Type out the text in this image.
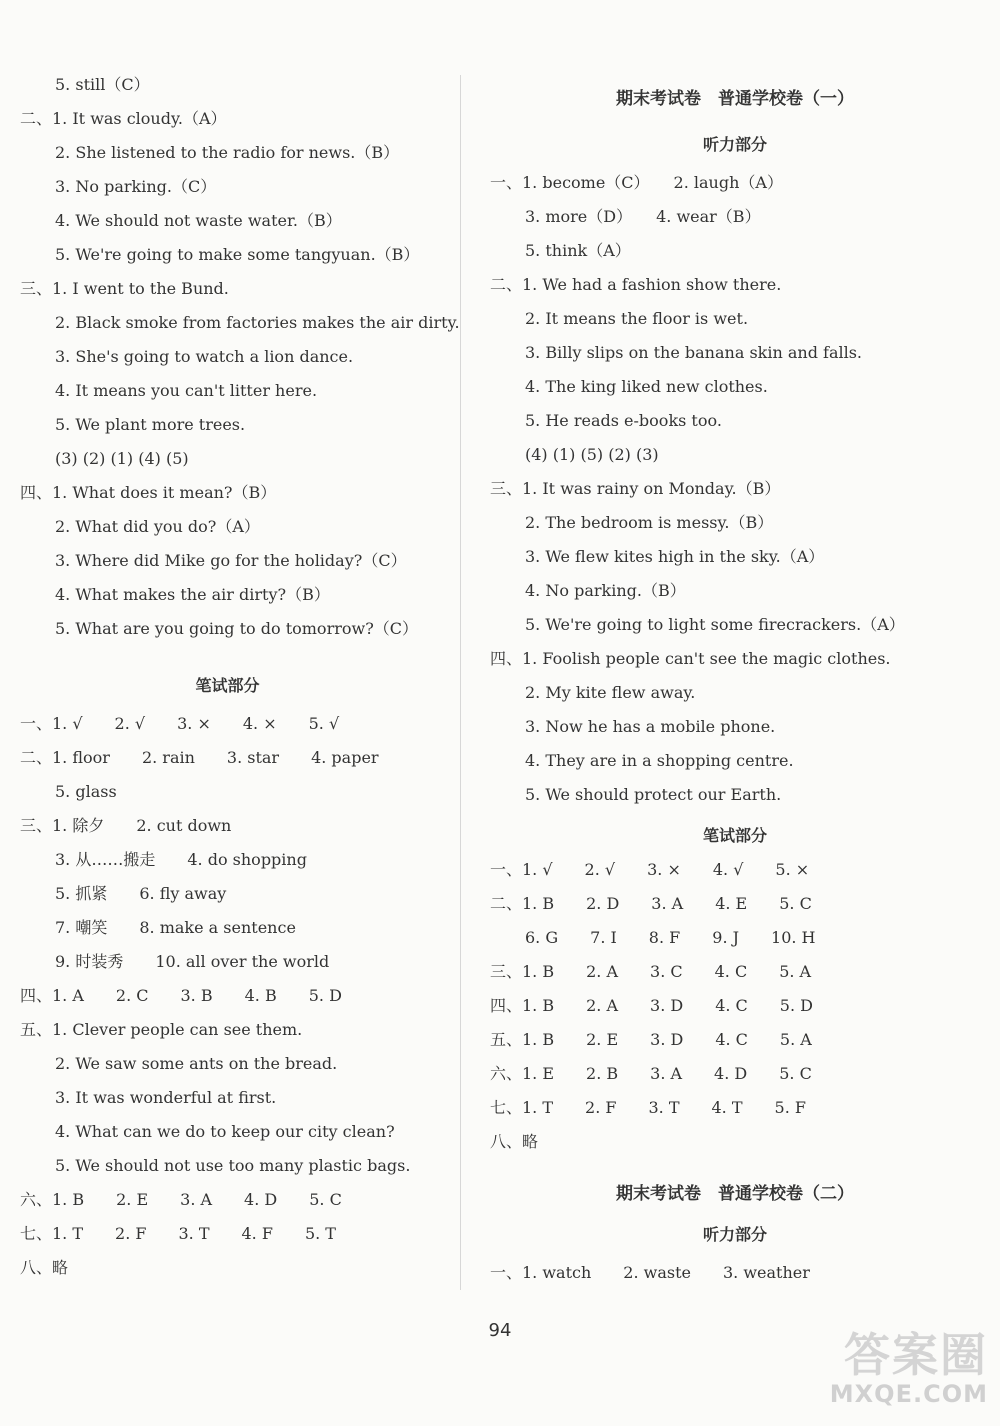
5. still（C）
二、1. It was cloudy.（A）
2. She listened to the radio for news.（B）
3. No parking.（C）
4. We should not waste water.（B）
5. We're going to make some tangyuan.（B）
三、1. I went to the Bund.
2. Black smoke from factories makes the air dirty.
3. She's going to watch a lion dance.
4. It means you can't litter here.
5. We plant more trees.
(3) (2) (1) (4) (5)
四、1. What does it mean?（B）
2. What did you do?（A）
3. Where did Mike go for the holiday?（C）
4. What makes the air dirty?（B）
5. What are you going to do tomorrow?（C）
笔试部分
一、1. √　　2. √　　3. ×　　4. ×　　5. √
二、1. floor　　2. rain　　3. star　　4. paper
5. glass
三、1. 除夕　　2. cut down
3. 从……搬走　　4. do shopping
5. 抓紧　　6. fly away
7. 嘲笑　　8. make a sentence
9. 时装秀　　10. all over the world
四、1. A　　2. C　　3. B　　4. B　　5. D
五、1. Clever people can see them.
2. We saw some ants on the bread.
3. It was wonderful at first.
4. What can we do to keep our city clean?
5. We should not use too many plastic bags.
六、1. B　　2. E　　3. A　　4. D　　5. C
七、1. T　　2. F　　3. T　　4. F　　5. T
八、略
期末考试卷　普通学校卷（一）
听力部分
一、1. become（C）　　2. laugh（A）
3. more（D）　　4. wear（B）
5. think（A）
二、1. We had a fashion show there.
2. It means the floor is wet.
3. Billy slips on the banana skin and falls.
4. The king liked new clothes.
5. He reads e-books too.
(4) (1) (5) (2) (3)
三、1. It was rainy on Monday.（B）
2. The bedroom is messy.（B）
3. We flew kites high in the sky.（A）
4. No parking.（B）
5. We're going to light some firecrackers.（A）
四、1. Foolish people can't see the magic clothes.
2. My kite flew away.
3. Now he has a mobile phone.
4. They are in a shopping centre.
5. We should protect our Earth.
笔试部分
一、1. √　　2. √　　3. ×　　4. √　　5. ×
二、1. B　　2. D　　3. A　　4. E　　5. C
6. G　　7. I　　8. F　　9. J　　10. H
三、1. B　　2. A　　3. C　　4. C　　5. A
四、1. B　　2. A　　3. D　　4. C　　5. D
五、1. B　　2. E　　3. D　　4. C　　5. A
六、1. E　　2. B　　3. A　　4. D　　5. C
七、1. T　　2. F　　3. T　　4. T　　5. F
八、略
期末考试卷　普通学校卷（二）
听力部分
一、1. watch　　2. waste　　3. weather
94	答案圈
MXQE.COM
